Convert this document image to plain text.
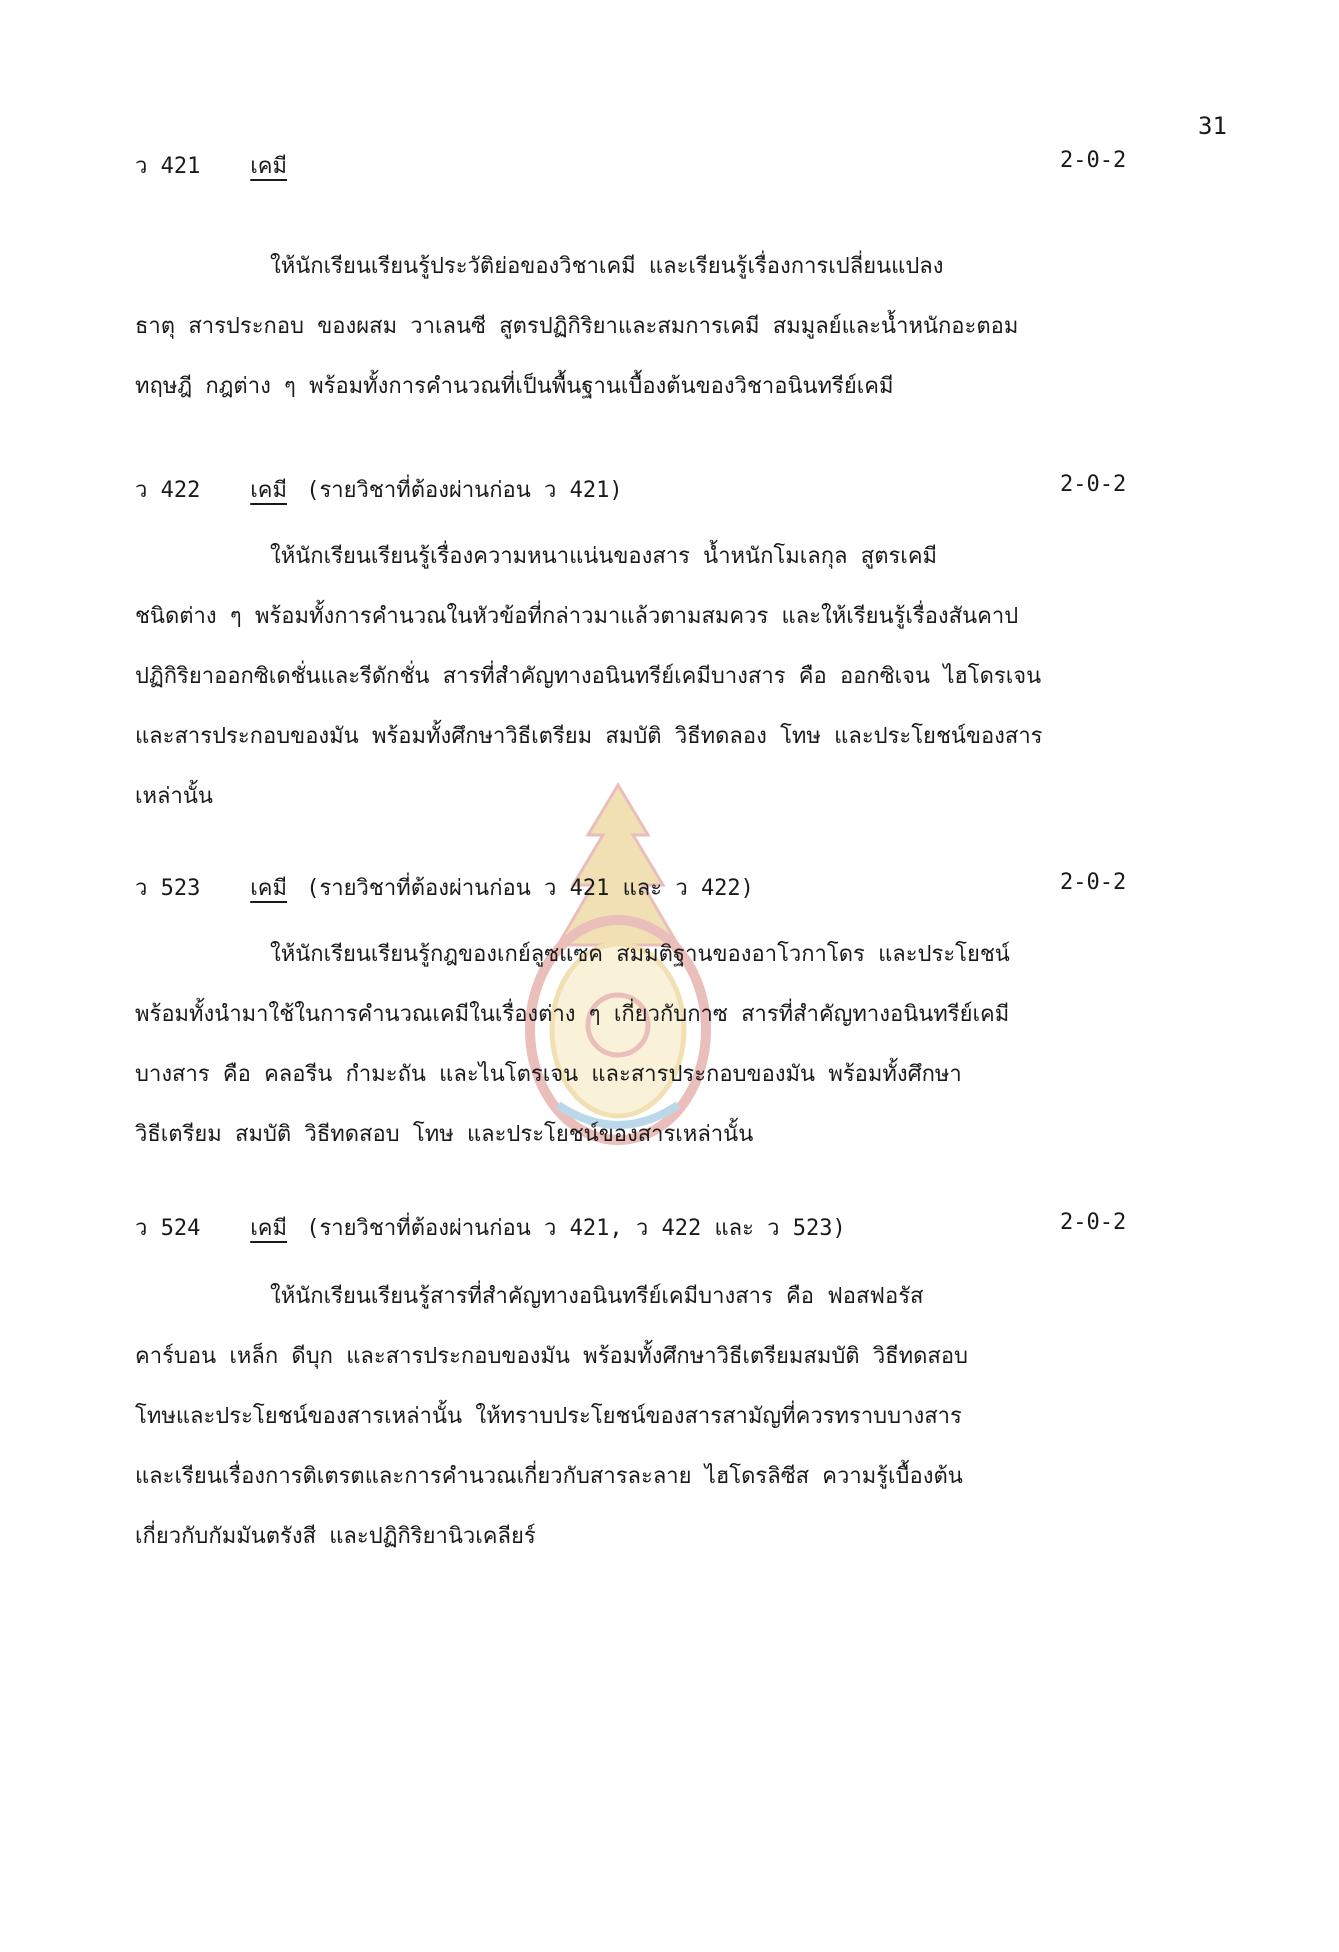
31
ว 421 เคมี	2-0-2

ให้นักเรียนเรียนรู้ประวัติย่อของวิชาเคมี และเรียนรู้เรื่องการเปลี่ยนแปลง
ธาตุ สารประกอบ ของผสม วาเลนซี สูตรปฏิกิริยาและสมการเคมี สมมูลย์และน้ำหนักอะตอม
ทฤษฎี กฎต่าง ๆ พร้อมทั้งการคำนวณที่เป็นพื้นฐานเบื้องต้นของวิชาอนินทรีย์เคมี

ว 422 เคมี (รายวิชาที่ต้องผ่านก่อน ว 421)	2-0-2

ให้นักเรียนเรียนรู้เรื่องความหนาแน่นของสาร น้ำหนักโมเลกุล สูตรเคมี
ชนิดต่าง ๆ พร้อมทั้งการคำนวณในหัวข้อที่กล่าวมาแล้วตามสมควร และให้เรียนรู้เรื่องสันคาป
ปฏิกิริยาออกซิเดชั่นและรีดักชั่น สารที่สำคัญทางอนินทรีย์เคมีบางสาร คือ ออกซิเจน ไฮโดรเจน
และสารประกอบของมัน พร้อมทั้งศึกษาวิธีเตรียม สมบัติ วิธีทดลอง โทษ และประโยชน์ของสาร
เหล่านั้น

ว 523 เคมี (รายวิชาที่ต้องผ่านก่อน ว 421 และ ว 422)	2-0-2

ให้นักเรียนเรียนรู้กฎของเกย์ลูซแซค สมมติฐานของอาโวกาโดร และประโยชน์
พร้อมทั้งนำมาใช้ในการคำนวณเคมีในเรื่องต่าง ๆ เกี่ยวกับกาซ สารที่สำคัญทางอนินทรีย์เคมี
บางสาร คือ คลอรีน กำมะถัน และไนโตรเจน และสารประกอบของมัน พร้อมทั้งศึกษา
วิธีเตรียม สมบัติ วิธีทดสอบ โทษ และประโยชน์ของสารเหล่านั้น

ว 524 เคมี (รายวิชาที่ต้องผ่านก่อน ว 421, ว 422 และ ว 523)	2-0-2

ให้นักเรียนเรียนรู้สารที่สำคัญทางอนินทรีย์เคมีบางสาร คือ ฟอสฟอรัส
คาร์บอน เหล็ก ดีบุก และสารประกอบของมัน พร้อมทั้งศึกษาวิธีเตรียมสมบัติ วิธีทดสอบ
โทษและประโยชน์ของสารเหล่านั้น ให้ทราบประโยชน์ของสารสามัญที่ควรทราบบางสาร
และเรียนเรื่องการติเตรตและการคำนวณเกี่ยวกับสารละลาย ไฮโดรลิซีส ความรู้เบื้องต้น
เกี่ยวกับกัมมันตรังสี และปฏิกิริยานิวเคลียร์
